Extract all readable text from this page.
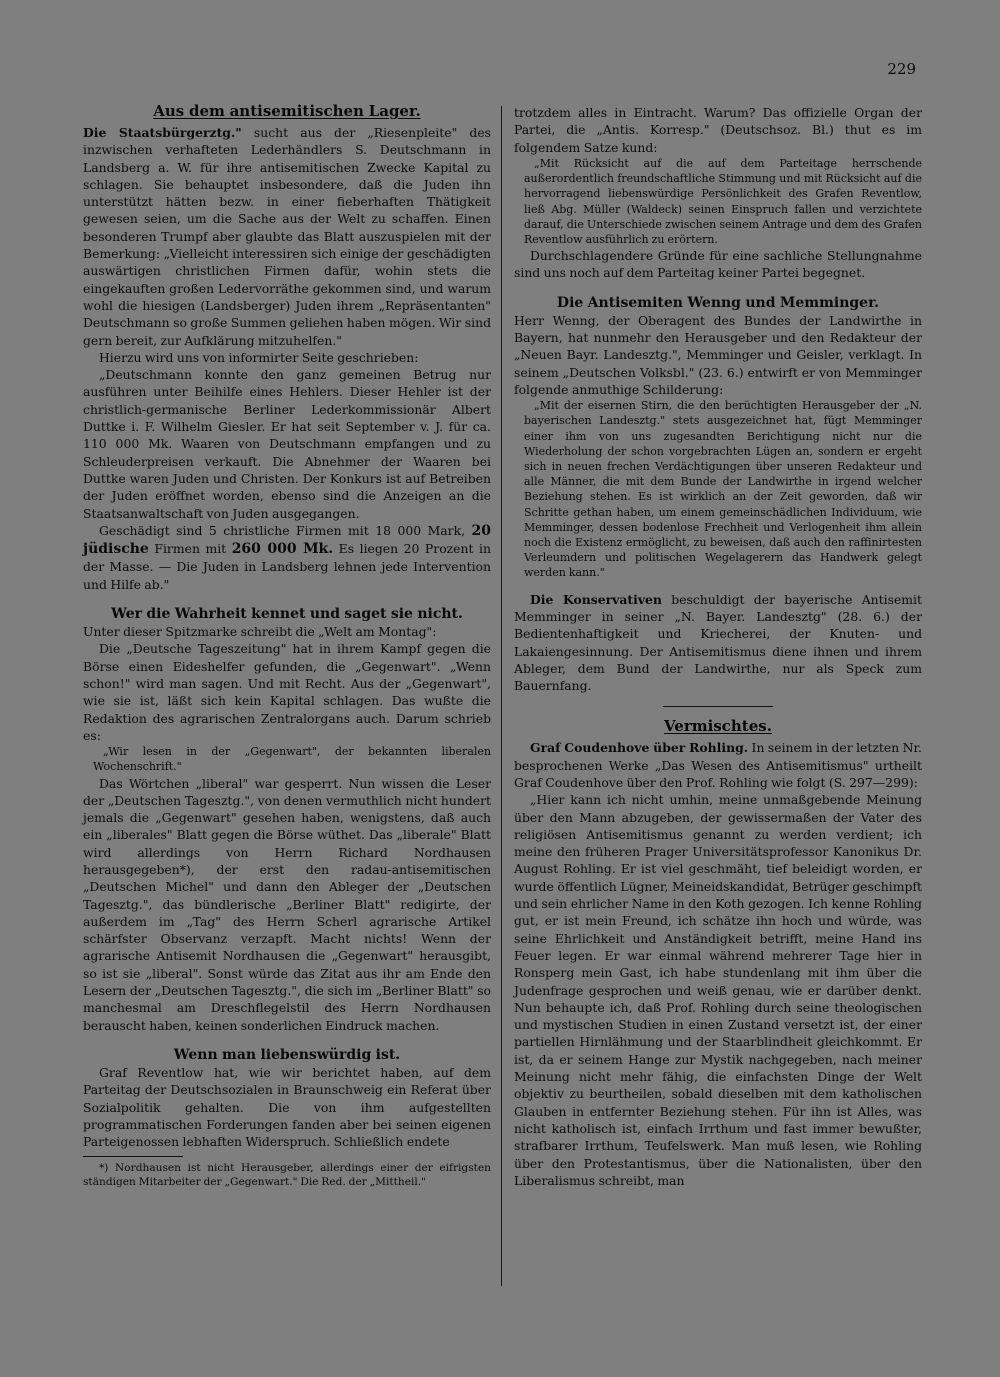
229
Aus dem antisemitischen Lager.

Die Staatsbürgerztg." sucht aus der „Riesenpleite" des inzwischen verhafteten Lederhändlers S. Deutschmann in Landsberg a. W. für ihre antisemitischen Zwecke Kapital zu schlagen. Sie behauptet insbesondere, daß die Juden ihn unterstützt hätten bezw. in einer fieberhaften Thätigkeit gewesen seien, um die Sache aus der Welt zu schaffen. Einen besonderen Trumpf aber glaubte das Blatt auszuspielen mit der Bemerkung: „Vielleicht interessiren sich einige der geschädigten auswärtigen christlichen Firmen dafür, wohin stets die eingekauften großen Ledervorräthe gekommen sind, und warum wohl die hiesigen (Landsberger) Juden ihrem „Repräsentanten" Deutschmann so große Summen geliehen haben mögen. Wir sind gern bereit, zur Aufklärung mitzuhelfen."

Hierzu wird uns von informirter Seite geschrieben:

„Deutschmann konnte den ganz gemeinen Betrug nur ausführen unter Beihilfe eines Hehlers. Dieser Hehler ist der christlich-germanische Berliner Lederkommissionär Albert Duttke i. F. Wilhelm Giesler. Er hat seit September v. J. für ca. 110 000 Mk. Waaren von Deutschmann empfangen und zu Schleuderpreisen verkauft. Die Abnehmer der Waaren bei Duttke waren Juden und Christen. Der Konkurs ist auf Betreiben der Juden eröffnet worden, ebenso sind die Anzeigen an die Staatsanwaltschaft von Juden ausgegangen.

Geschädigt sind 5 christliche Firmen mit 18 000 Mark, 20 jüdische Firmen mit 260 000 Mk. Es liegen 20 Prozent in der Masse. — Die Juden in Landsberg lehnen jede Intervention und Hilfe ab."

Wer die Wahrheit kennet und saget sie nicht.

Unter dieser Spitzmarke schreibt die „Welt am Montag":

Die „Deutsche Tageszeitung" hat in ihrem Kampf gegen die Börse einen Eideshelfer gefunden, die „Gegenwart". „Wenn schon!" wird man sagen. Und mit Recht. Aus der „Gegenwart", wie sie ist, läßt sich kein Kapital schlagen. Das wußte die Redaktion des agrarischen Zentralorgans auch. Darum schrieb es:

„Wir lesen in der „Gegenwart", der bekannten liberalen Wochenschrift."

Das Wörtchen „liberal" war gesperrt. Nun wissen die Leser der „Deutschen Tagesztg.", von denen vermuthlich nicht hundert jemals die „Gegenwart" gesehen haben, wenigstens, daß auch ein „liberales" Blatt gegen die Börse wüthet. Das „liberale" Blatt wird allerdings von Herrn Richard Nordhausen herausgegeben*), der erst den radau-antisemitischen „Deutschen Michel" und dann den Ableger der „Deutschen Tagesztg.", das bündlerische „Berliner Blatt" redigirte, der außerdem im „Tag" des Herrn Scherl agrarische Artikel schärfster Observanz verzapft. Macht nichts! Wenn der agrarische Antisemit Nordhausen die „Gegenwart" herausgibt, so ist sie „liberal". Sonst würde das Zitat aus ihr am Ende den Lesern der „Deutschen Tagesztg.", die sich im „Berliner Blatt" so manchesmal am Dreschflegelstil des Herrn Nordhausen berauscht haben, keinen sonderlichen Eindruck machen.

Wenn man liebenswürdig ist.

Graf Reventlow hat, wie wir berichtet haben, auf dem Parteitag der Deutschsozialen in Braunschweig ein Referat über Sozialpolitik gehalten. Die von ihm aufgestellten programmatischen Forderungen fanden aber bei seinen eigenen Parteigenossen lebhaften Widerspruch. Schließlich endete

*) Nordhausen ist nicht Herausgeber, allerdings einer der eifrigsten ständigen Mitarbeiter der „Gegenwart." Die Red. der „Mittheil."

trotzdem alles in Eintracht. Warum? Das offizielle Organ der Partei, die „Antis. Korresp." (Deutschsoz. Bl.) thut es im folgendem Satze kund:

„Mit Rücksicht auf die auf dem Parteitage herrschende außerordentlich freundschaftliche Stimmung und mit Rücksicht auf die hervorragend liebenswürdige Persönlichkeit des Grafen Reventlow, ließ Abg. Müller (Waldeck) seinen Einspruch fallen und verzichtete darauf, die Unterschiede zwischen seinem Antrage und dem des Grafen Reventlow ausführlich zu erörtern.

Durchschlagendere Gründe für eine sachliche Stellungnahme sind uns noch auf dem Parteitag keiner Partei begegnet.

Die Antisemiten Wenng und Memminger.

Herr Wenng, der Oberagent des Bundes der Landwirthe in Bayern, hat nunmehr den Herausgeber und den Redakteur der „Neuen Bayr. Landesztg.", Memminger und Geisler, verklagt. In seinem „Deutschen Volksbl." (23. 6.) entwirft er von Memminger folgende anmuthige Schilderung:

„Mit der eisernen Stirn, die den berüchtigten Herausgeber der „N. bayerischen Landesztg." stets ausgezeichnet hat, fügt Memminger einer ihm von uns zugesandten Berichtigung nicht nur die Wiederholung der schon vorgebrachten Lügen an, sondern er ergeht sich in neuen frechen Verdächtigungen über unseren Redakteur und alle Männer, die mit dem Bunde der Landwirthe in irgend welcher Beziehung stehen. Es ist wirklich an der Zeit geworden, daß wir Schritte gethan haben, um einem gemeinschädlichen Individuum, wie Memminger, dessen bodenlose Frechheit und Verlogenheit ihm allein noch die Existenz ermöglicht, zu beweisen, daß auch den raffinirtesten Verleumdern und politischen Wegelagerern das Handwerk gelegt werden kann."

Die Konservativen beschuldigt der bayerische Antisemit Memminger in seiner „N. Bayer. Landesztg" (28. 6.) der Bedientenhaftigkeit und Kriecherei, der Knuten- und Lakaiengesinnung. Der Antisemitismus diene ihnen und ihrem Ableger, dem Bund der Landwirthe, nur als Speck zum Bauernfang.

Vermischtes.

Graf Coudenhove über Rohling. In seinem in der letzten Nr. besprochenen Werke „Das Wesen des Antisemitismus" urtheilt Graf Coudenhove über den Prof. Rohling wie folgt (S. 297—299):

„Hier kann ich nicht umhin, meine unmaßgebende Meinung über den Mann abzugeben, der gewissermaßen der Vater des religiösen Antisemitismus genannt zu werden verdient; ich meine den früheren Prager Universitätsprofessor Kanonikus Dr. August Rohling. Er ist viel geschmäht, tief beleidigt worden, er wurde öffentlich Lügner, Meineidskandidat, Betrüger geschimpft und sein ehrlicher Name in den Koth gezogen. Ich kenne Rohling gut, er ist mein Freund, ich schätze ihn hoch und würde, was seine Ehrlichkeit und Anständigkeit betrifft, meine Hand ins Feuer legen. Er war einmal während mehrerer Tage hier in Ronsperg mein Gast, ich habe stundenlang mit ihm über die Judenfrage gesprochen und weiß genau, wie er darüber denkt. Nun behaupte ich, daß Prof. Rohling durch seine theologischen und mystischen Studien in einen Zustand versetzt ist, der einer partiellen Hirnlähmung und der Staarblindheit gleichkommt. Er ist, da er seinem Hange zur Mystik nachgegeben, nach meiner Meinung nicht mehr fähig, die einfachsten Dinge der Welt objektiv zu beurtheilen, sobald dieselben mit dem katholischen Glauben in entfernter Beziehung stehen. Für ihn ist Alles, was nicht katholisch ist, einfach Irrthum und fast immer bewußter, strafbarer Irrthum, Teufelswerk. Man muß lesen, wie Rohling über den Protestantismus, über die Nationalisten, über den Liberalismus schreibt, man
